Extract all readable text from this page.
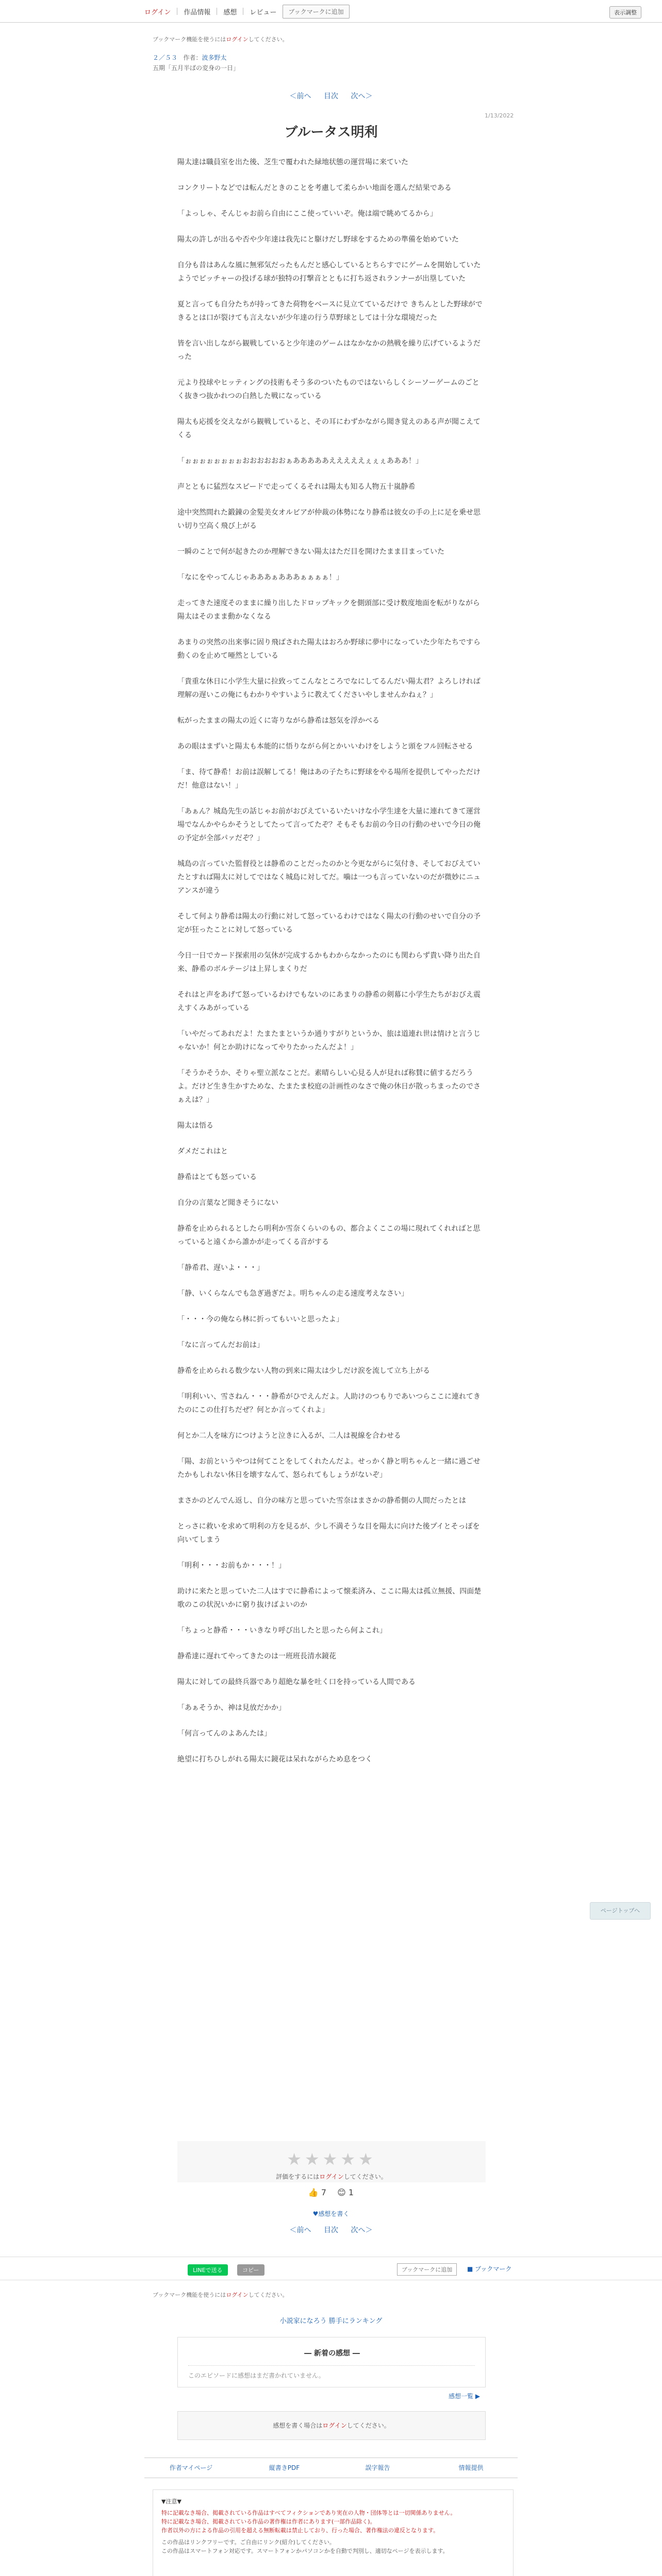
ログイン 作品情報 感想 レビュー	ブックマークに追加	表示調整
ブックマーク機能を使うにはログインしてください。
２／５３ 作者：波多野太
五期「五月半ばの変身の一日」
＜前へ 目次 次へ＞
1/13/2022
ブルータス明利

陽太達は職員室を出た後、芝生で覆われた緑地状態の運営場に来ていた

コンクリートなどでは転んだときのことを考慮して柔らかい地面を選んだ結果である

「よっしゃ、そんじゃお前ら自由にここ使っていいぞ。俺は端で眺めてるから」

陽太の許しが出るや否や少年達は我先にと駆けだし野球をするための準備を始めていた

自分も昔はあんな風に無邪気だったもんだと感心しているとちらすでにゲームを開始していたようでピッチャーの投げる球が独特の打撃音とともに打ち返されランナーが出塁していた

夏と言っても自分たちが持ってきた荷物をベースに見立てているだけで きちんとした野球ができるとは口が裂けても言えないが少年達の行う草野球としては十分な環境だった

皆を言い出しながら観戦していると少年達のゲームはなかなかの熱戦を繰り広げているようだった

元より投球やヒッティングの技術もそう多のついたものではないらしくシーソーゲームのごとく抜きつ抜かれつの白熱した戦になっている

陽太も応援を交えながら観戦していると、その耳にわずかながら聞き覚えのある声が聞こえてくる

「ぉぉぉぉぉぉぉぉおおおおおおぁあああああえええええぇぇぇあああ！」

声とともに猛烈なスピードで走ってくるそれは陽太も知る人物五十嵐静希

途中突然間れた鍛錬の金髪美女オルビアが仲裁の体勢になり静希は彼女の手の上に足を乗せ思い切り空高く飛び上がる

一瞬のことで何が起きたのか理解できない陽太はただ目を開けたまま目まっていた

「なにをやってんじゃあああぁあああぁぁぁぁ！」

走ってきた速度そのままに繰り出したドロップキックを側頭部に受け数度地面を転がりながら陽太はそのまま動かなくなる

あまりの突然の出来事に固り飛ばされた陽太はおろか野球に夢中になっていた少年たちですら動くのを止めて唖然としている

「貴重な休日に小学生大量に拉致ってこんなところでなにしてるんだい陽太君？よろしければ理解の遅いこの俺にもわかりやすいように教えてくださいやしませんかねぇ？」

転がったままの陽太の近くに寄りながら静希は怒気を浮かべる

あの眼はまずいと陽太も本能的に悟りながら何とかいいわけをしようと頭をフル回転させる

「ま、待て静希！お前は誤解してる！俺はあの子たちに野球をやる場所を提供してやっただけだ！他意はない！」

「あぁん？城島先生の話じゃお前がおびえているいたいけな小学生達を大量に連れてきて運営場でなんかやらかそうとしてたって言ってたぞ？そもそもお前の今日の行動のせいで今日の俺の予定が全部パァだぞ？」

城島の言っていた監督役とは静希のことだったのかと今更ながらに気付き、そしておびえていたとすれば陽太に対してではなく城島に対してだ。噛は一つも言っていないのだが微妙にニュアンスが違う

そして何より静希は陽太の行動に対して怒っているわけではなく陽太の行動のせいで自分の予定が狂ったことに対して怒っている

今日一日でカード探索用の気休が完成するかもわからなかったのにも関わらず貴い降り出た自来、静希のボルテージは上昇しまくりだ

それはと声をあげて怒っているわけでもないのにあまりの静希の剣幕に小学生たちがおびえ震えすくみあがっている

「いやだってあれだよ！たまたまというか通りすがりというか、旅は道連れ世は情けと言うじゃないか！何とか助けになってやりたかったんだよ！」

「そうかそうか、そりゃ聖立派なことだ。素晴らしい心見る人が見れば称賛に値するだろうよ。だけど生き生かすためな、たまたま校庭の計画性のなさで俺の休日が散っちまったのでさぁえは？」

陽太は悟る

ダメだこれはと

静希はとても怒っている

自分の言葉など聞きそうにない

静希を止められるとしたら明利か雪奈くらいのもの、都合よくここの場に現れてくれればと思っていると遠くから誰かが走ってくる音がする

「静希君、遅いよ・・・」

「静、いくらなんでも急ぎ過ぎだよ。明ちゃんの走る速度考えなさい」

「・・・今の俺なら林に折ってもいいと思ったよ」

「なに言ってんだお前は」

静希を止められる数少ない人物の到来に陽太は少しだけ涙を流して立ち上がる

「明利いい、雪さねん・・・静希がひでえんだよ。人助けのつもりであいつらここに連れてきたのにこの仕打ちだぜ？何とか言ってくれよ」

何とか二人を味方につけようと泣きに入るが、二人は視線を合わせる

「陽、お前というやつは何てことをしてくれたんだよ。せっかく静と明ちゃんと一緒に過ごせたかもしれない休日を壊すなんて、怒られてもしょうがないぞ」

まさかのどんでん返し、自分の味方と思っていた雪奈はまさかの静希側の人間だったとは

とっさに救いを求めて明利の方を見るが、少し不満そうな目を陽太に向けた後プイとそっぽを向いてしまう

「明利・・・お前もか・・・！」

助けに来たと思っていた二人はすでに静希によって懐柔済み、ここに陽太は孤立無援、四面楚歌のこの状況いかに窮り抜けばよいのか

「ちょっと静希・・・いきなり呼び出したと思ったら何よこれ」

静希達に遅れてやってきたのは一班班長清水鏡花

陽太に対しての最終兵器であり超絶な暴を吐く口を持っている人間である

「あぁそうか、神は見放だかか」

「何言ってんのよあんたは」

絶望に打ちひしがれる陽太に鏡花は呆れながらため息をつく

★★★★★
評価をするにはログインしてください。
👍 7 😊 1
♥感想を書く
＜前へ 目次 次へ＞
LINEで送る	コピー	ブックマークに追加	■ ブックマーク
ブックマーク機能を使うにはログインしてください。
小説家になろう 勝手にランキング
― 新着の感想 ―
このエピソードに感想はまだ書かれていません。
感想一覧 ▶
感想を書く場合はログインしてください。
作者マイページ	縦書きPDF	誤字報告	情報提供
▼注意▼
特に記載なき場合、掲載されている作品はすべてフィクションであり実在の人物・団体等とは一切関係ありません。
特に記載なき場合、掲載されている作品の著作権は作者にあります(一部作品除く)。
作者以外の方による作品の引用を超える無断転載は禁止しており、行った場合、著作権法の違反となります。
この作品はリンクフリーです。ご自由にリンク(紹介)してください。
この作品はスマートフォン対応です。スマートフォンかパソコンかを自動で判別し、適切なページを表示します。
ページトップへ
